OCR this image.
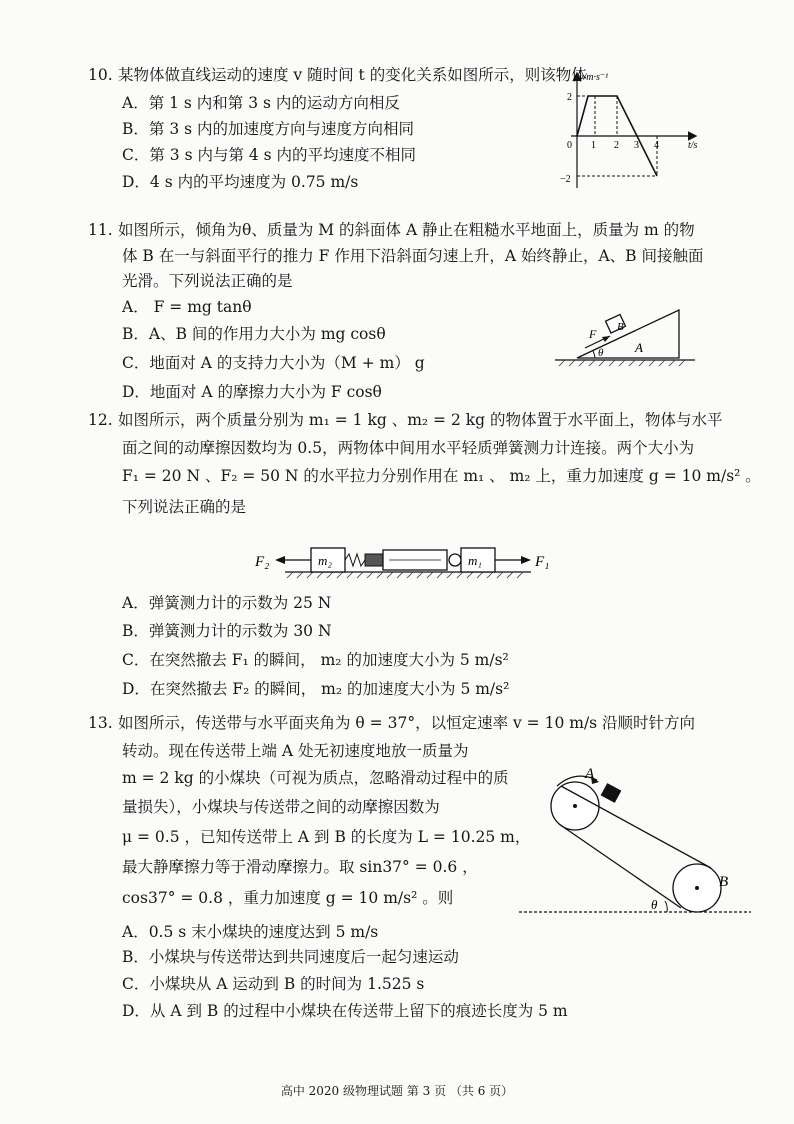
10. 某物体做直线运动的速度 v 随时间 t 的变化关系如图所示，则该物体
A．第 1 s 内和第 3 s 内的运动方向相反
B．第 3 s 内的加速度方向与速度方向相同
C．第 3 s 内与第 4 s 内的平均速度不相同
D．4 s 内的平均速度为 0.75 m/s
v/m·s⁻¹
t/s
0
2
−2
1 2 3 4
11. 如图所示，倾角为θ、质量为 M 的斜面体 A 静止在粗糙水平地面上，质量为 m 的物
体 B 在一与斜面平行的推力 F 作用下沿斜面匀速上升，A 始终静止，A、B 间接触面
光滑。下列说法正确的是
A． F = mg tanθ
B．A、B 间的作用力大小为 mg cosθ
C．地面对 A 的支持力大小为（M + m） g
D．地面对 A 的摩擦力大小为 F cosθ
B
F
θ A
12. 如图所示，两个质量分别为 m₁ = 1 kg 、m₂ = 2 kg 的物体置于水平面上，物体与水平
面之间的动摩擦因数均为 0.5，两物体中间用水平轻质弹簧测力计连接。两个大小为
F₁ = 20 N 、F₂ = 50 N 的水平拉力分别作用在 m₁ 、 m₂ 上，重力加速度 g = 10 m/s² 。
下列说法正确的是
F₂	m₂	m₁	F₁
A．弹簧测力计的示数为 25 N
B．弹簧测力计的示数为 30 N
C．在突然撤去 F₁ 的瞬间， m₂ 的加速度大小为 5 m/s²
D．在突然撤去 F₂ 的瞬间， m₂ 的加速度大小为 5 m/s²
13. 如图所示，传送带与水平面夹角为 θ = 37°，以恒定速率 v = 10 m/s 沿顺时针方向
转动。现在传送带上端 A 处无初速度地放一质量为
m = 2 kg 的小煤块（可视为质点，忽略滑动过程中的质
量损失），小煤块与传送带之间的动摩擦因数为
μ = 0.5 ，已知传送带上 A 到 B 的长度为 L = 10.25 m，
最大静摩擦力等于滑动摩擦力。取 sin37° = 0.6 ，
cos37° = 0.8 ，重力加速度 g = 10 m/s² 。则
A．0.5 s 末小煤块的速度达到 5 m/s
B．小煤块与传送带达到共同速度后一起匀速运动
C．小煤块从 A 运动到 B 的时间为 1.525 s
D．从 A 到 B 的过程中小煤块在传送带上留下的痕迹长度为 5 m
A
B
θ
高中 2020 级物理试题 第 3 页 （共 6 页）
